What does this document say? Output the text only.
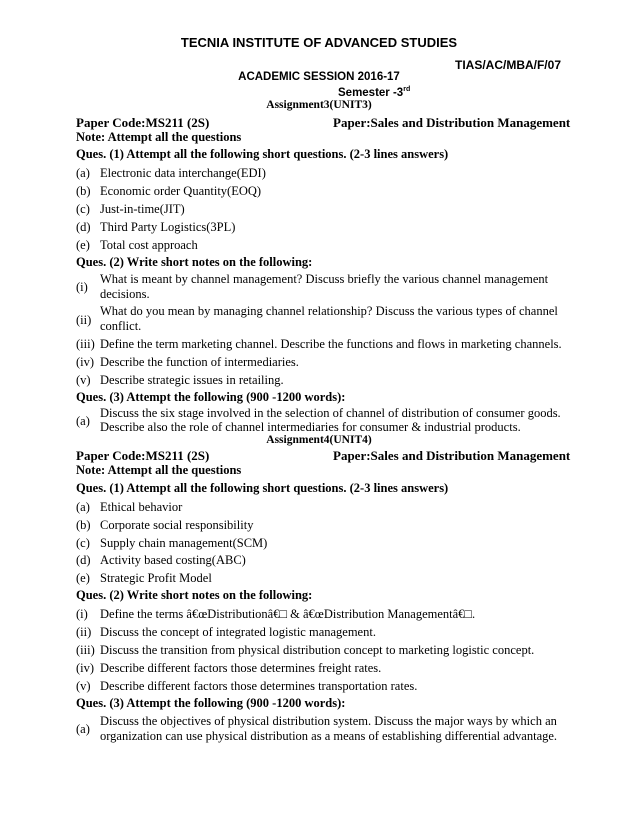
TECNIA INSTITUTE OF ADVANCED STUDIES
TIAS/AC/MBA/F/07
ACADEMIC SESSION 2016-17
Semester -3rd
Assignment3(UNIT3)
Paper Code:MS211 (2S)	Paper:Sales and Distribution Management
Note: Attempt all the questions
Ques. (1) Attempt all the following short questions. (2-3 lines answers)
(a) Electronic data interchange(EDI)
(b) Economic order Quantity(EOQ)
(c) Just-in-time(JIT)
(d) Third Party Logistics(3PL)
(e) Total cost approach
Ques. (2) Write short notes on the following:
(i)
What is meant by channel management? Discuss briefly the various channel management
decisions.
(ii)
What do you mean by managing channel relationship? Discuss the various types of channel
conflict.
(iii) Define the term marketing channel. Describe the functions and flows in marketing channels.
(iv) Describe the function of intermediaries.
(v) Describe strategic issues in retailing.
Ques. (3) Attempt the following (900 -1200 words):
(a)
Discuss the six stage involved in the selection of channel of distribution of consumer goods.
Describe also the role of channel intermediaries for consumer & industrial products.
Assignment4(UNIT4)
Paper Code:MS211 (2S)	Paper:Sales and Distribution Management
Note: Attempt all the questions
Ques. (1) Attempt all the following short questions. (2-3 lines answers)
(a) Ethical behavior
(b) Corporate social responsibility
(c) Supply chain management(SCM)
(d) Activity based costing(ABC)
(e) Strategic Profit Model
Ques. (2) Write short notes on the following:
(i) Define the terms â€œDistributionâ€□ & â€œDistribution Managementâ€□.
(ii) Discuss the concept of integrated logistic management.
(iii) Discuss the transition from physical distribution concept to marketing logistic concept.
(iv) Describe different factors those determines freight rates.
(v) Describe different factors those determines transportation rates.
Ques. (3) Attempt the following (900 -1200 words):
(a)
Discuss the objectives of physical distribution system. Discuss the major ways by which an
organization can use physical distribution as a means of establishing differential advantage.
